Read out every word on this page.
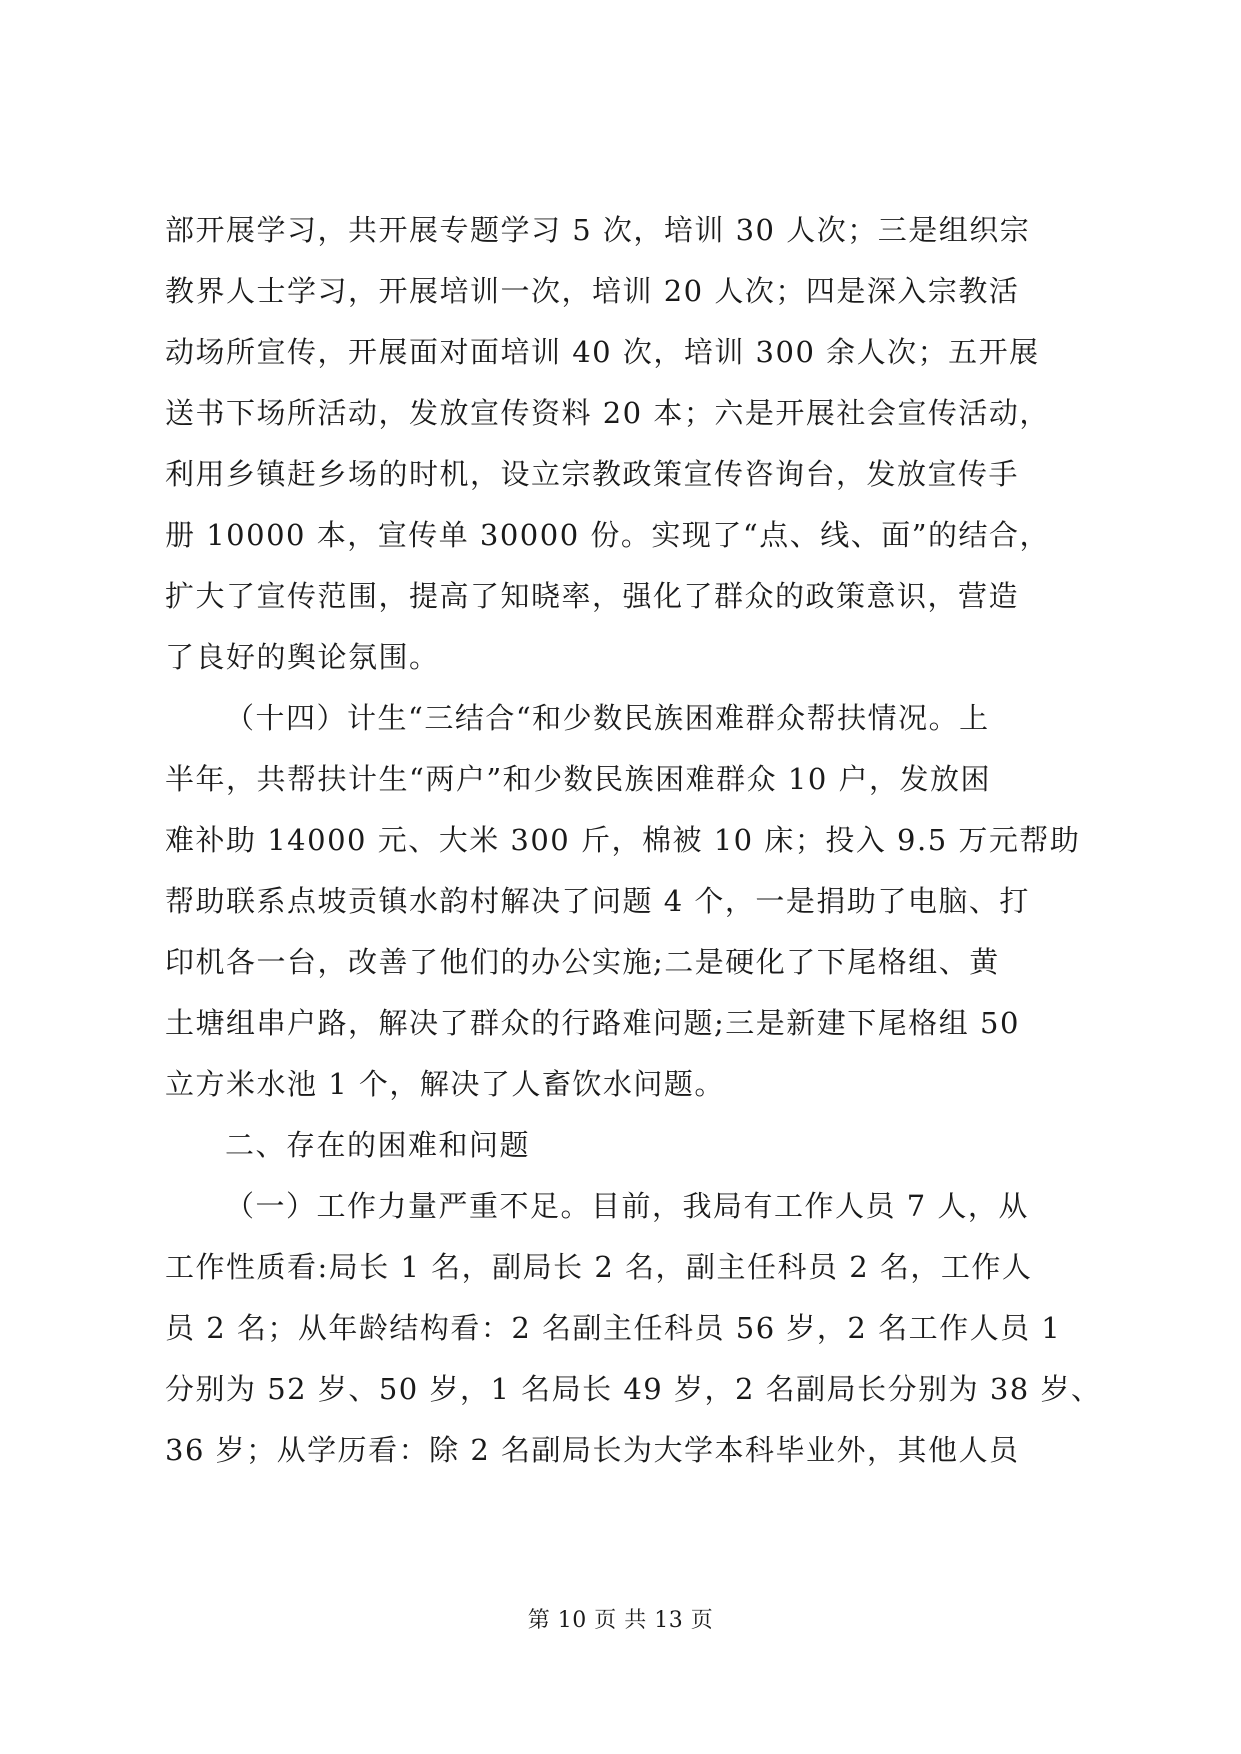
部开展学习，共开展专题学习 5 次，培训 30 人次；三是组织宗
教界人士学习，开展培训一次，培训 20 人次；四是深入宗教活
动场所宣传，开展面对面培训 40 次，培训 300 余人次；五开展
送书下场所活动，发放宣传资料 20 本；六是开展社会宣传活动，
利用乡镇赶乡场的时机，设立宗教政策宣传咨询台，发放宣传手
册 10000 本，宣传单 30000 份。实现了“点、线、面”的结合，
扩大了宣传范围，提高了知晓率，强化了群众的政策意识，营造
了良好的舆论氛围。
（十四）计生“三结合“和少数民族困难群众帮扶情况。上
半年，共帮扶计生“两户”和少数民族困难群众 10 户，发放困
难补助 14000 元、大米 300 斤，棉被 10 床；投入 9.5 万元帮助
帮助联系点坡贡镇水韵村解决了问题 4 个，一是捐助了电脑、打
印机各一台，改善了他们的办公实施;二是硬化了下尾格组、黄
土塘组串户路，解决了群众的行路难问题;三是新建下尾格组 50
立方米水池 1 个，解决了人畜饮水问题。
二、存在的困难和问题
（一）工作力量严重不足。目前，我局有工作人员 7 人，从
工作性质看:局长 1 名，副局长 2 名，副主任科员 2 名，工作人
员 2 名；从年龄结构看：2 名副主任科员 56 岁，2 名工作人员 1
分别为 52 岁、50 岁，1 名局长 49 岁，2 名副局长分别为 38 岁、
36 岁；从学历看：除 2 名副局长为大学本科毕业外，其他人员
第 10 页 共 13 页
